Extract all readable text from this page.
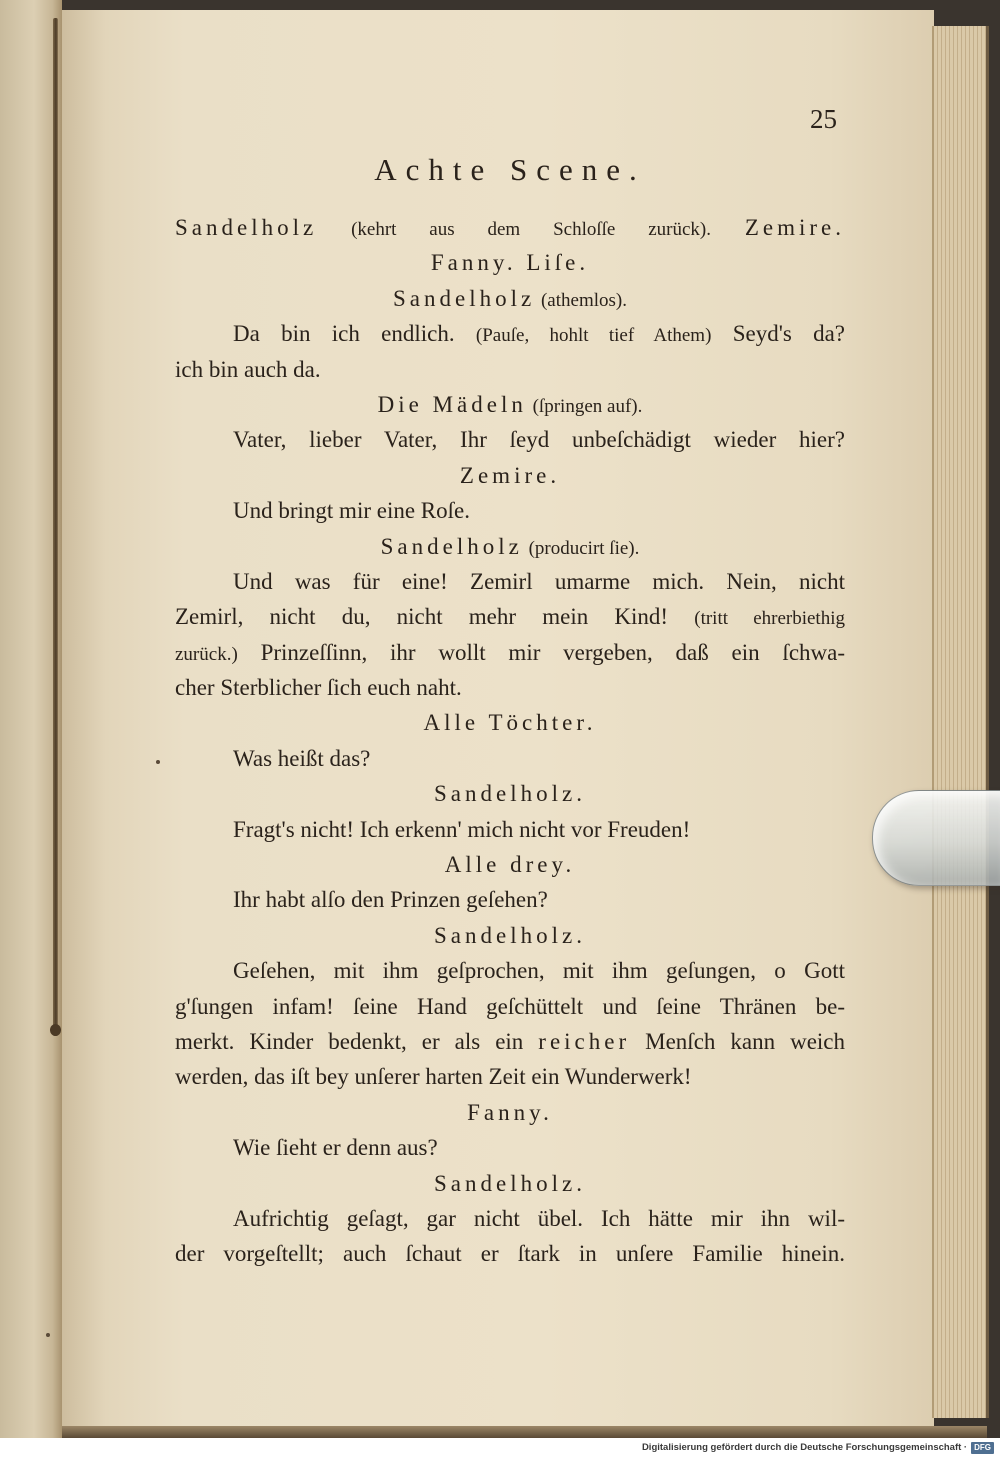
25
Achte Scene.
Sandelholz (kehrt aus dem Schloſſe zurück). Zemire.
Fanny. Liſe.
Sandelholz (athemlos).
Da bin ich endlich. (Pauſe, hohlt tief Athem) Seyd's da?
ich bin auch da.
Die Mädeln (ſpringen auf).
Vater, lieber Vater, Ihr ſeyd unbeſchädigt wieder hier?
Zemire.
Und bringt mir eine Roſe.
Sandelholz (producirt ſie).
Und was für eine! Zemirl umarme mich. Nein, nicht
Zemirl, nicht du, nicht mehr mein Kind! (tritt ehrerbiethig
zurück.) Prinzeſſinn, ihr wollt mir vergeben, daß ein ſchwa-
cher Sterblicher ſich euch naht.
Alle Töchter.
Was heißt das?
Sandelholz.
Fragt's nicht! Ich erkenn' mich nicht vor Freuden!
Alle drey.
Ihr habt alſo den Prinzen geſehen?
Sandelholz.
Geſehen, mit ihm geſprochen, mit ihm geſungen, o Gott
g'ſungen infam! ſeine Hand geſchüttelt und ſeine Thränen be-
merkt. Kinder bedenkt, er als ein reicher Menſch kann weich
werden, das iſt bey unſerer harten Zeit ein Wunderwerk!
Fanny.
Wie ſieht er denn aus?
Sandelholz.
Aufrichtig geſagt, gar nicht übel. Ich hätte mir ihn wil-
der vorgeſtellt; auch ſchaut er ſtark in unſere Familie hinein.
Digitalisierung gefördert durch die Deutsche Forschungsgemeinschaft · DFG
